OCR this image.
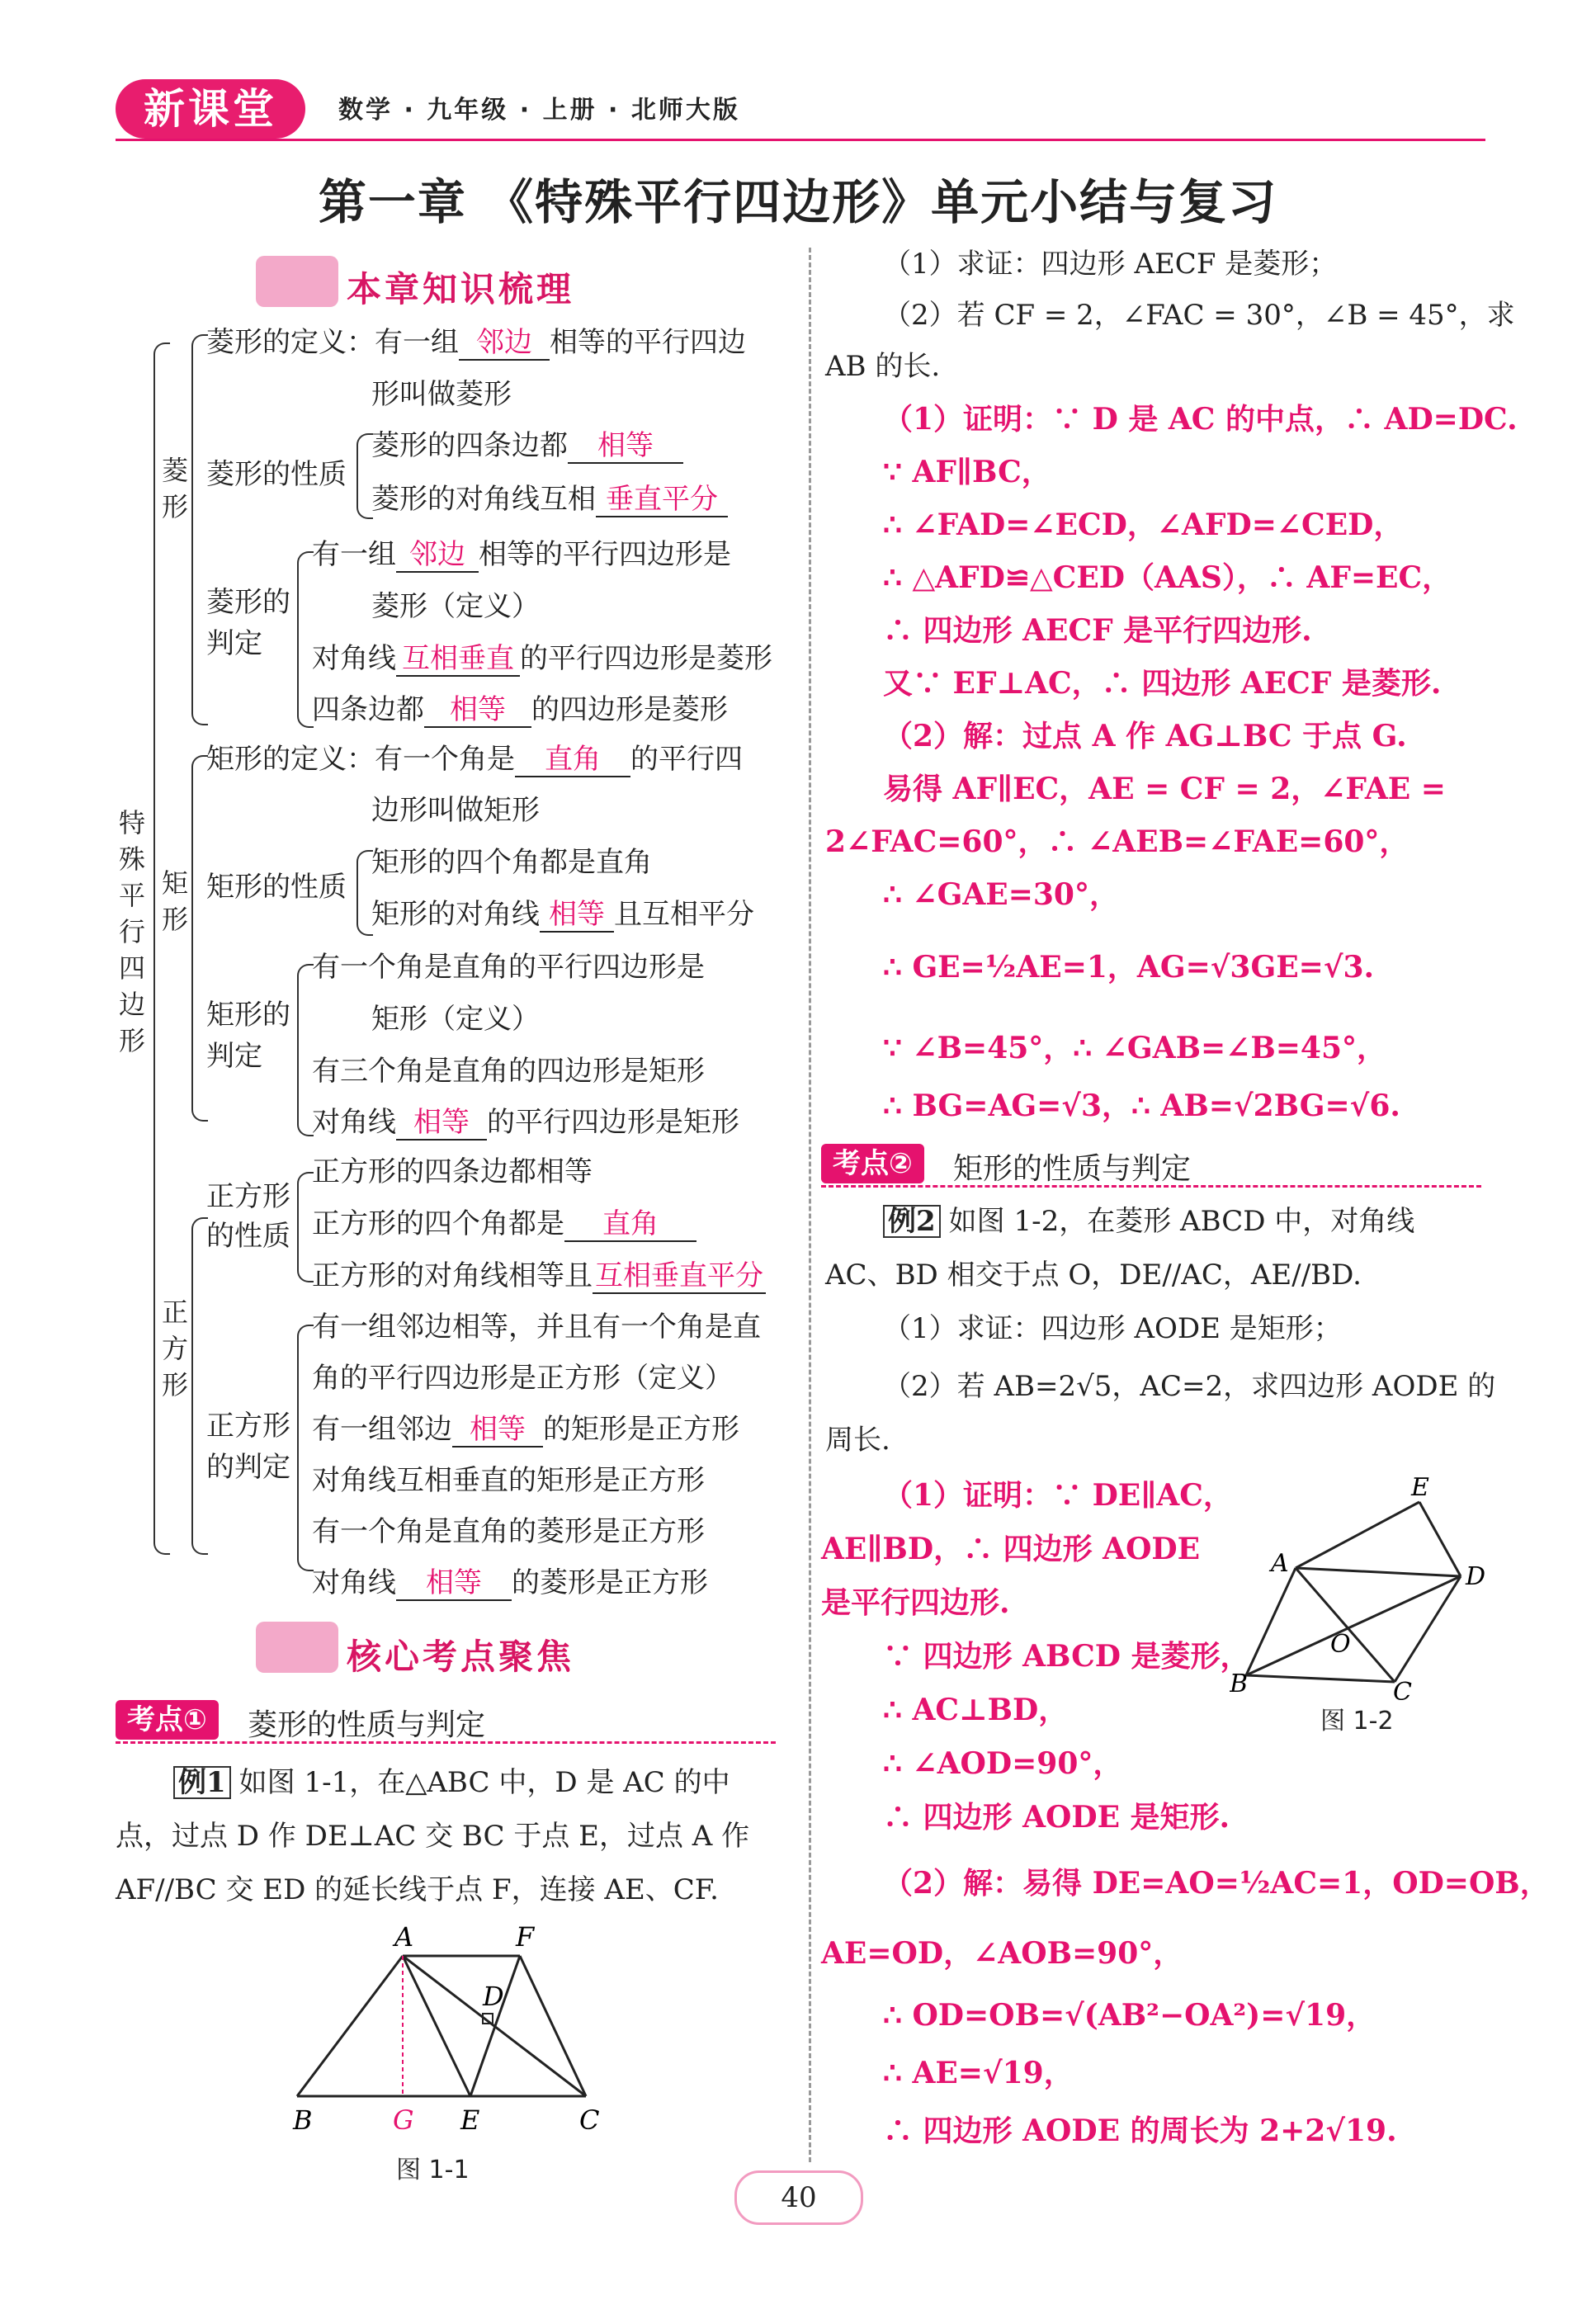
新课堂	数学 · 九年级 · 上册 · 北师大版
第一章 《特殊平行四边形》单元小结与复习
本章知识梳理
特殊平行四边形
菱形
菱形的定义：有一组 邻边 相等的平行四边
形叫做菱形
菱形的性质
菱形的四条边都 相等
菱形的对角线互相 垂直平分
菱形的
判定
有一组 邻边 相等的平行四边形是
菱形（定义）
对角线 互相垂直 的平行四边形是菱形
四条边都 相等 的四边形是菱形
矩形
矩形的定义：有一个角是 直角 的平行四
边形叫做矩形
矩形的性质
矩形的四个角都是直角
矩形的对角线 相等 且互相平分
矩形的
判定
有一个角是直角的平行四边形是
矩形（定义）
有三个角是直角的四边形是矩形
对角线 相等 的平行四边形是矩形
正方形
正方形
的性质
正方形的四条边都相等
正方形的四个角都是 直角
正方形的对角线相等且互相垂直平分
正方形
的判定
有一组邻边相等，并且有一个角是直
角的平行四边形是正方形（定义）
有一组邻边 相等 的矩形是正方形
对角线互相垂直的矩形是正方形
有一个角是直角的菱形是正方形
对角线 相等 的菱形是正方形
核心考点聚焦
考点①	菱形的性质与判定
例1 如图 1-1，在△ABC 中，D 是 AC 的中
点，过点 D 作 DE⊥AC 交 BC 于点 E，过点 A 作
AF//BC 交 ED 的延长线于点 F，连接 AE、CF.
A	F
D
B	G E	C
图 1-1
（1）求证：四边形 AECF 是菱形；
（2）若 CF = 2，∠FAC = 30°，∠B = 45°，求
AB 的长.
（1）证明：∵ D 是 AC 的中点，∴ AD=DC.
∵ AF∥BC，
∴ ∠FAD=∠ECD，∠AFD=∠CED，
∴ △AFD≌△CED（AAS），∴ AF=EC，
∴ 四边形 AECF 是平行四边形.
又∵ EF⊥AC，∴ 四边形 AECF 是菱形.
（2）解：过点 A 作 AG⊥BC 于点 G.
易得 AF∥EC，AE = CF = 2，∠FAE =
2∠FAC=60°，∴ ∠AEB=∠FAE=60°，
∴ ∠GAE=30°，
∴ GE=½AE=1，AG=√3GE=√3.
∵ ∠B=45°，∴ ∠GAB=∠B=45°，
∴ BG=AG=√3，∴ AB=√2BG=√6.
考点②	矩形的性质与判定
例2 如图 1-2，在菱形 ABCD 中，对角线
AC、BD 相交于点 O，DE//AC，AE//BD.
（1）求证：四边形 AODE 是矩形；
（2）若 AB=2√5，AC=2，求四边形 AODE 的
周长.
（1）证明：∵ DE∥AC，
AE∥BD，∴ 四边形 AODE
是平行四边形.
∵ 四边形 ABCD 是菱形，
∴ AC⊥BD，
∴ ∠AOD=90°，
∴ 四边形 AODE 是矩形.
（2）解：易得 DE=AO=½AC=1，OD=OB，
AE=OD，∠AOB=90°，
∴ OD=OB=√(AB²−OA²)=√19，
∴ AE=√19，
∴ 四边形 AODE 的周长为 2+2√19.
E
A	D
O
B	C
图 1-2
40
